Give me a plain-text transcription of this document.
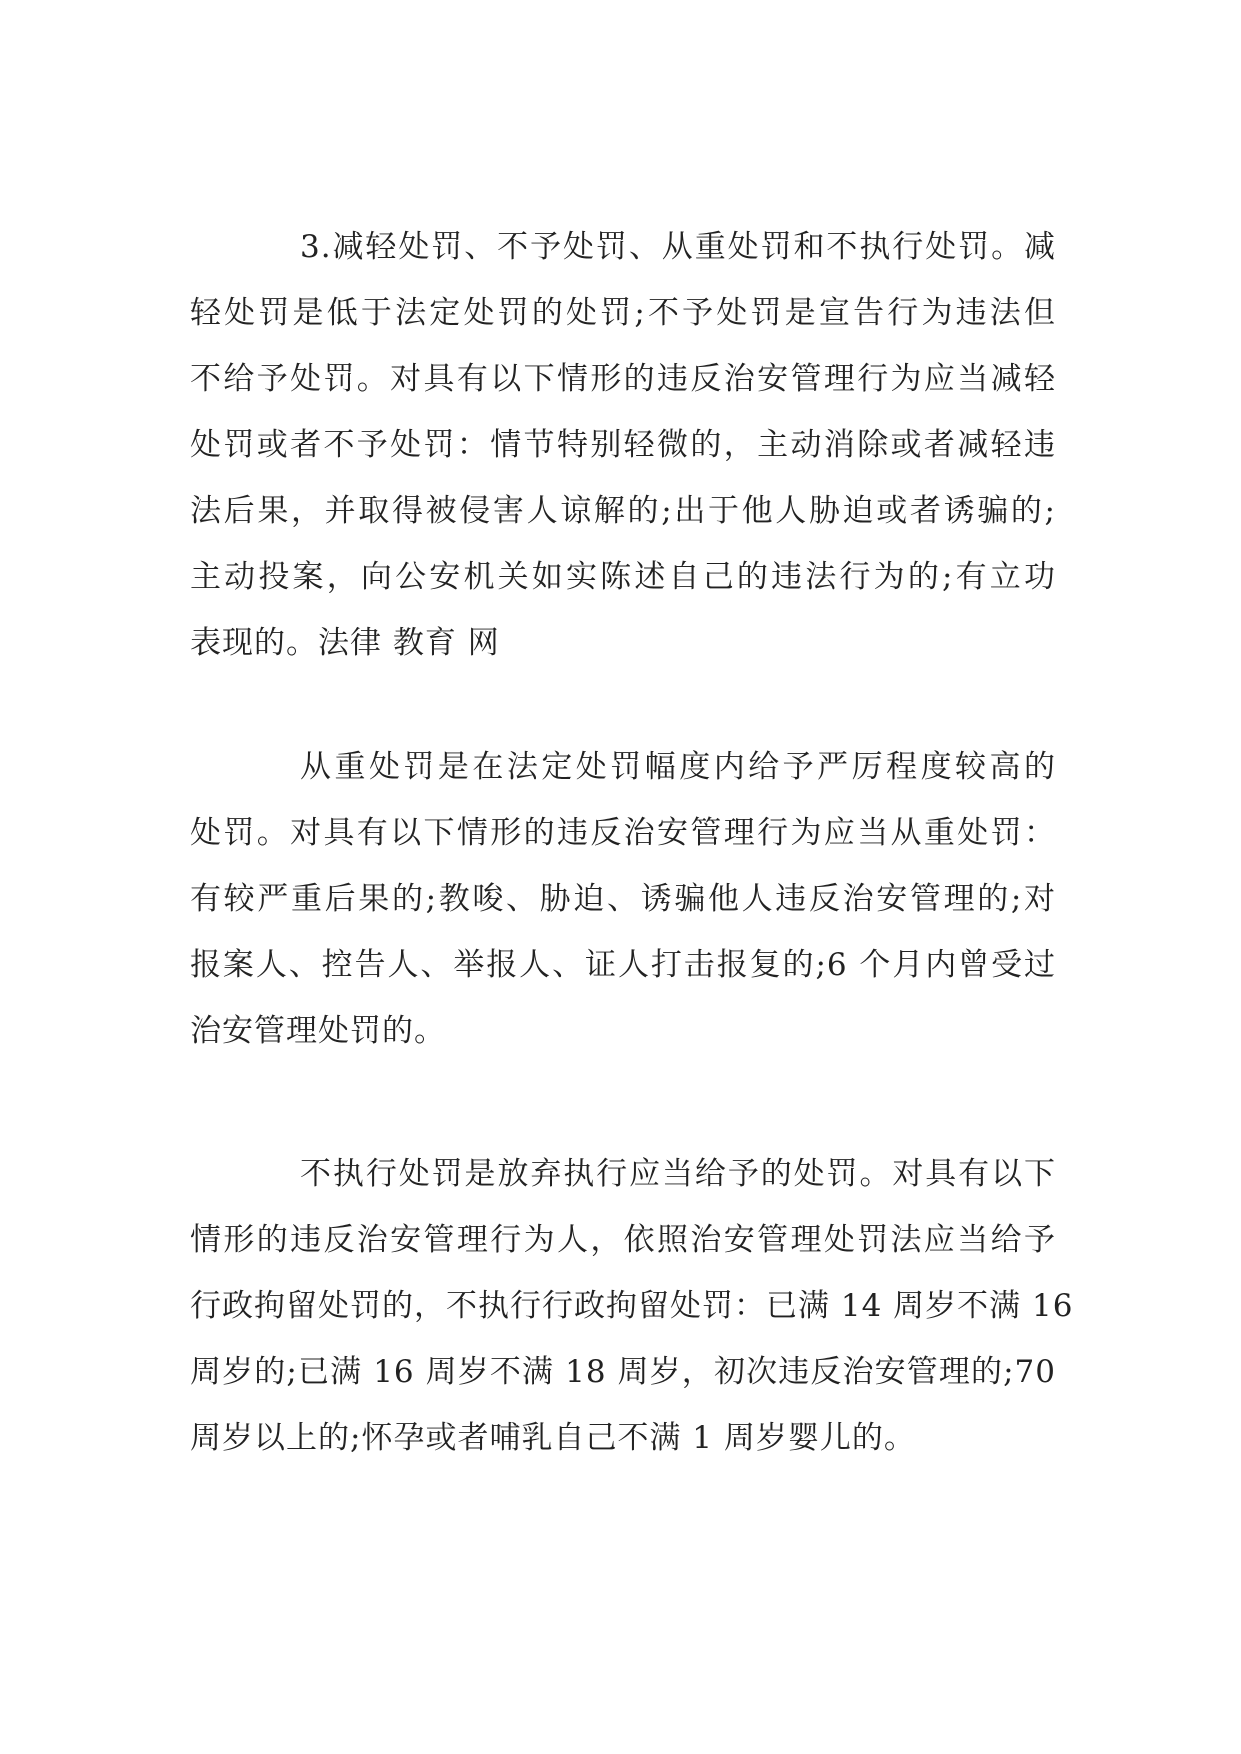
3.减轻处罚、不予处罚、从重处罚和不执行处罚。减
轻处罚是低于法定处罚的处罚;不予处罚是宣告行为违法但
不给予处罚。对具有以下情形的违反治安管理行为应当减轻
处罚或者不予处罚：情节特别轻微的，主动消除或者减轻违
法后果，并取得被侵害人谅解的;出于他人胁迫或者诱骗的;
主动投案，向公安机关如实陈述自己的违法行为的;有立功
表现的。法律 教育 网
从重处罚是在法定处罚幅度内给予严厉程度较高的
处罚。对具有以下情形的违反治安管理行为应当从重处罚：
有较严重后果的;教唆、胁迫、诱骗他人违反治安管理的;对
报案人、控告人、举报人、证人打击报复的;6 个月内曾受过
治安管理处罚的。
不执行处罚是放弃执行应当给予的处罚。对具有以下
情形的违反治安管理行为人，依照治安管理处罚法应当给予
行政拘留处罚的，不执行行政拘留处罚：已满 14 周岁不满 16
周岁的;已满 16 周岁不满 18 周岁，初次违反治安管理的;70
周岁以上的;怀孕或者哺乳自己不满 1 周岁婴儿的。
